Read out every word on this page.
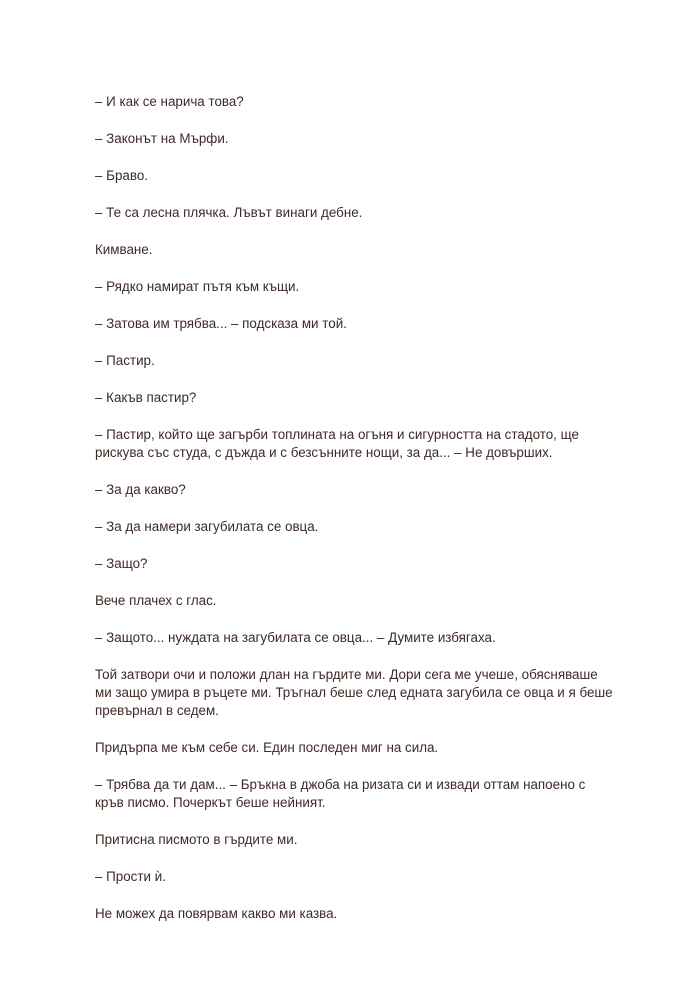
– И как се нарича това?

– Законът на Мърфи.

– Браво.

– Те са лесна плячка. Лъвът винаги дебне.

Кимване.

– Рядко намират пътя към къщи.

– Затова им трябва... – подсказа ми той.

– Пастир.

– Какъв пастир?

– Пастир, който ще загърби топлината на огъня и сигурността на стадото, ще рискува със студа, с дъжда и с безсънните нощи, за да... – Не довърших.

– За да какво?

– За да намери загубилата се овца.

– Защо?

Вече плачех с глас.

– Защото... нуждата на загубилата се овца... – Думите избягаха.

Той затвори очи и положи длан на гърдите ми. Дори сега ме учеше, обясняваше ми защо умира в ръцете ми. Тръгнал беше след едната загубила се овца и я беше превърнал в седем.

Придърпа ме към себе си. Един последен миг на сила.

– Трябва да ти дам... – Бръкна в джоба на ризата си и извади оттам напоено с кръв писмо. Почеркът беше нейният.

Притисна писмото в гърдите ми.

– Прости ѝ.

Не можех да повярвам какво ми казва.
